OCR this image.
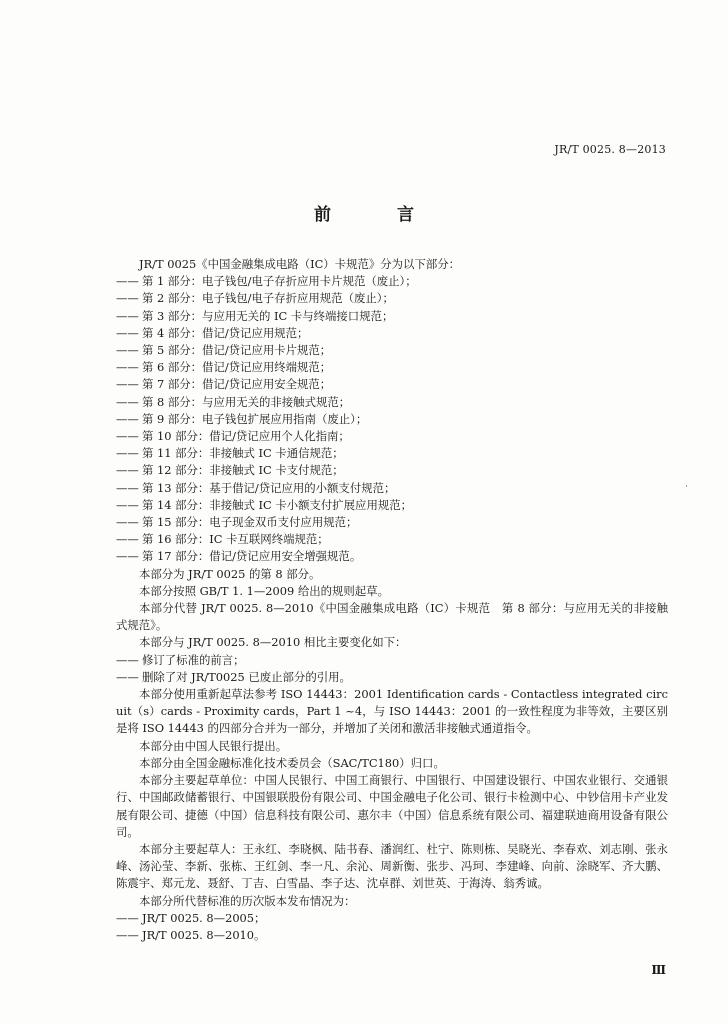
JR/T 0025. 8—2013
前 言

JR/T 0025《中国金融集成电路（IC）卡规范》分为以下部分：

—— 第 1 部分：电子钱包/电子存折应用卡片规范（废止）；

—— 第 2 部分：电子钱包/电子存折应用规范（废止）；

—— 第 3 部分：与应用无关的 IC 卡与终端接口规范；

—— 第 4 部分：借记/贷记应用规范；

—— 第 5 部分：借记/贷记应用卡片规范；

—— 第 6 部分：借记/贷记应用终端规范；

—— 第 7 部分：借记/贷记应用安全规范；

—— 第 8 部分：与应用无关的非接触式规范；

—— 第 9 部分：电子钱包扩展应用指南（废止）；

—— 第 10 部分：借记/贷记应用个人化指南；

—— 第 11 部分：非接触式 IC 卡通信规范；

—— 第 12 部分：非接触式 IC 卡支付规范；

—— 第 13 部分：基于借记/贷记应用的小额支付规范；

—— 第 14 部分：非接触式 IC 卡小额支付扩展应用规范；

—— 第 15 部分：电子现金双币支付应用规范；

—— 第 16 部分：IC 卡互联网终端规范；

—— 第 17 部分：借记/贷记应用安全增强规范。

本部分为 JR/T 0025 的第 8 部分。

本部分按照 GB/T 1. 1—2009 给出的规则起草。

本部分代替 JR/T 0025. 8—2010《中国金融集成电路（IC）卡规范　第 8 部分：与应用无关的非接触式规范》。

本部分与 JR/T 0025. 8—2010 相比主要变化如下：

—— 修订了标准的前言；

—— 删除了对 JR/T0025 已废止部分的引用。

本部分使用重新起草法参考 ISO 14443：2001 Identification cards - Contactless integrated circuit（s）cards - Proximity cards，Part 1 ~4，与 ISO 14443：2001 的一致性程度为非等效，主要区别是将 ISO 14443 的四部分合并为一部分，并增加了关闭和激活非接触式通道指令。

本部分由中国人民银行提出。

本部分由全国金融标准化技术委员会（SAC/TC180）归口。

本部分主要起草单位：中国人民银行、中国工商银行、中国银行、中国建设银行、中国农业银行、交通银行、中国邮政储蓄银行、中国银联股份有限公司、中国金融电子化公司、银行卡检测中心、中钞信用卡产业发展有限公司、捷德（中国）信息科技有限公司、惠尔丰（中国）信息系统有限公司、福建联迪商用设备有限公司。

本部分主要起草人：王永红、李晓枫、陆书春、潘润红、杜宁、陈则栋、吴晓光、李春欢、刘志刚、张永峰、汤沁莹、李新、张栋、王红剑、李一凡、余沁、周新衡、张步、冯珂、李建峰、向前、涂晓军、齐大鹏、陈震宇、郑元龙、聂舒、丁吉、白雪晶、李子达、沈卓群、刘世英、于海涛、翁秀诚。

本部分所代替标准的历次版本发布情况为：

—— JR/T 0025. 8—2005；

—— JR/T 0025. 8—2010。

·
Ⅲ
